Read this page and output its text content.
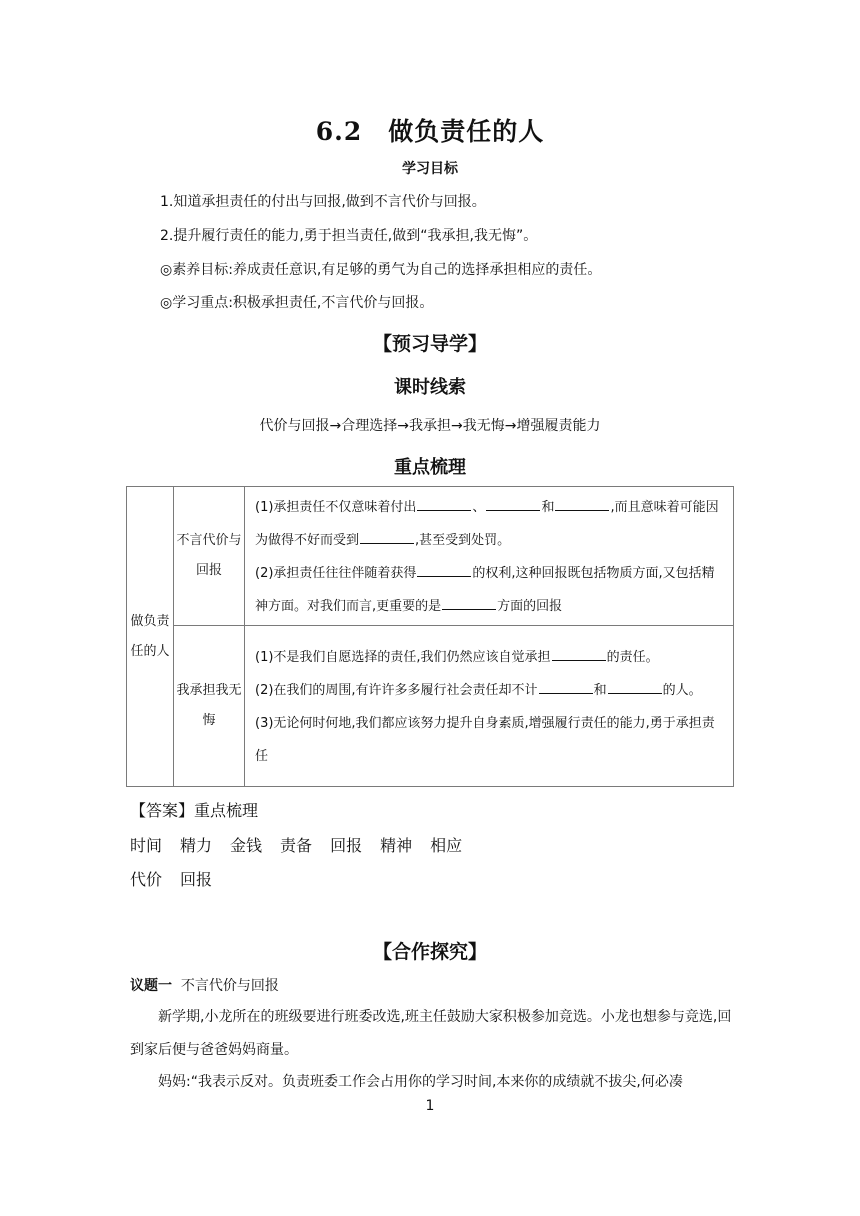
6.2 做负责任的人
学习目标
1.知道承担责任的付出与回报,做到不言代价与回报。
2.提升履行责任的能力,勇于担当责任,做到“我承担,我无悔”。
◎素养目标:养成责任意识,有足够的勇气为自己的选择承担相应的责任。
◎学习重点:积极承担责任,不言代价与回报。
【预习导学】
课时线索
代价与回报→合理选择→我承担→我无悔→增强履责能力
重点梳理
做负责任的人	不言代价与回报	(1)承担责任不仅意味着付出 、 和 ,而且意味着可能因为做得不好而受到 ,甚至受到处罚。
(2)承担责任往往伴随着获得 的权利,这种回报既包括物质方面,又包括精神方面。对我们而言,更重要的是 方面的回报

	我承担我无悔	(1)不是我们自愿选择的责任,我们仍然应该自觉承担 的责任。
(2)在我们的周围,有许许多多履行社会责任却不计 和 的人。
(3)无论何时何地,我们都应该努力提升自身素质,增强履行责任的能力,勇于承担责任
【答案】重点梳理
时间 精力 金钱 责备 回报 精神 相应
代价 回报
【合作探究】
议题一 不言代价与回报
新学期,小龙所在的班级要进行班委改选,班主任鼓励大家积极参加竞选。小龙也想参与竞选,回到家后便与爸爸妈妈商量。
妈妈:“我表示反对。负责班委工作会占用你的学习时间,本来你的成绩就不拔尖,何必凑
1
